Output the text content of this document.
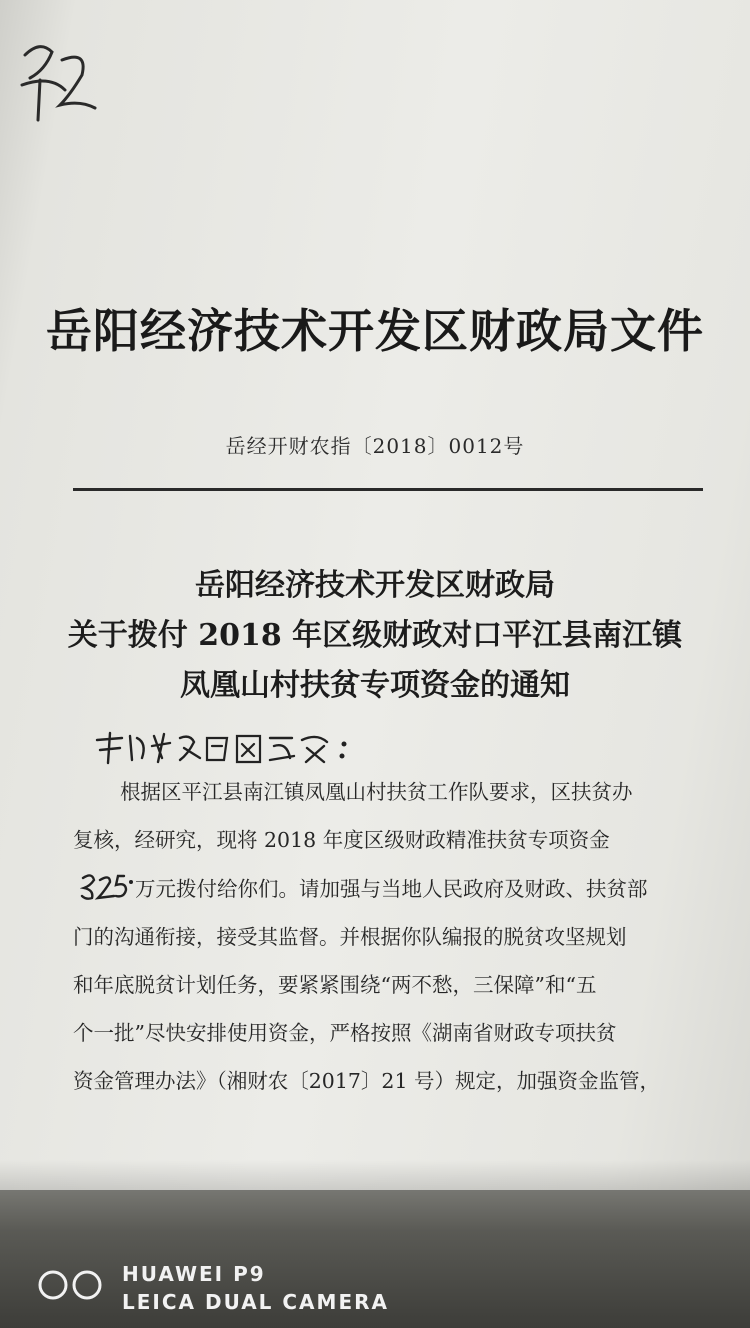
岳阳经济技术开发区财政局文件
岳经开财农指〔2018〕0012号
岳阳经济技术开发区财政局
关于拨付 2018 年区级财政对口平江县南江镇
凤凰山村扶贫专项资金的通知
根据区平江县南江镇凤凰山村扶贫工作队要求，区扶贫办
复核，经研究，现将 2018 年度区级财政精准扶贫专项资金
万元拨付给你们。请加强与当地人民政府及财政、扶贫部
门的沟通衔接，接受其监督。并根据你队编报的脱贫攻坚规划
和年底脱贫计划任务，要紧紧围绕“两不愁，三保障”和“五
个一批”尽快安排使用资金，严格按照《湖南省财政专项扶贫
资金管理办法》（湘财农〔2017〕21 号）规定，加强资金监管，
HUAWEI P9
LEICA DUAL CAMERA
